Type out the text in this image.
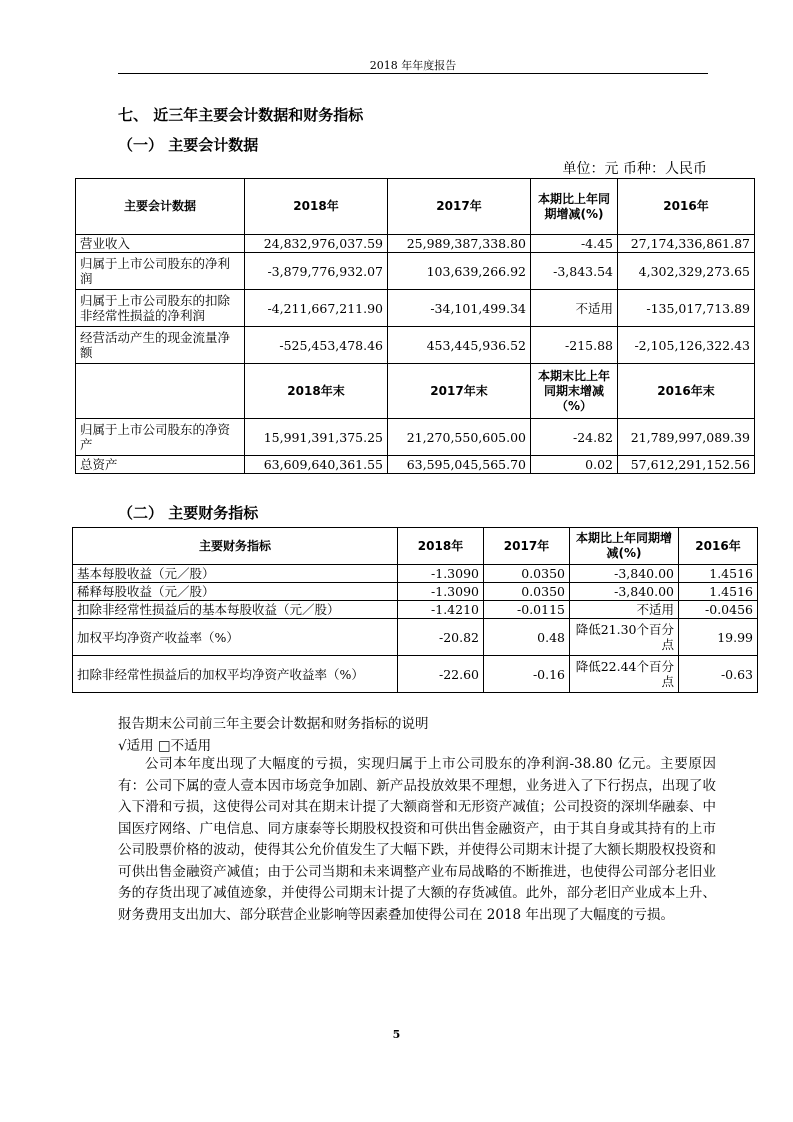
2018 年年度报告
七、 近三年主要会计数据和财务指标
（一） 主要会计数据
单位：元 币种：人民币
主要会计数据	2018年	2017年	本期比上年同期增减(%)	2016年
营业收入	24,832,976,037.59	25,989,387,338.80	-4.45	27,174,336,861.87
归属于上市公司股东的净利润	-3,879,776,932.07	103,639,266.92	-3,843.54	4,302,329,273.65
归属于上市公司股东的扣除非经常性损益的净利润	-4,211,667,211.90	-34,101,499.34	不适用	-135,017,713.89
经营活动产生的现金流量净额	-525,453,478.46	453,445,936.52	-215.88	-2,105,126,322.43
	2018年末	2017年末	本期末比上年同期末增减（%）	2016年末
归属于上市公司股东的净资产	15,991,391,375.25	21,270,550,605.00	-24.82	21,789,997,089.39
总资产	63,609,640,361.55	63,595,045,565.70	0.02	57,612,291,152.56
（二） 主要财务指标
主要财务指标	2018年	2017年	本期比上年同期增减(%)	2016年
基本每股收益（元／股）	-1.3090	0.0350	-3,840.00	1.4516
稀释每股收益（元／股）	-1.3090	0.0350	-3,840.00	1.4516
扣除非经常性损益后的基本每股收益（元／股）	-1.4210	-0.0115	不适用	-0.0456
加权平均净资产收益率（%）	-20.82	0.48	降低21.30个百分点	19.99
扣除非经常性损益后的加权平均净资产收益率（%）	-22.60	-0.16	降低22.44个百分点	-0.63
报告期末公司前三年主要会计数据和财务指标的说明
√适用 □不适用

公司本年度出现了大幅度的亏损，实现归属于上市公司股东的净利润-38.80 亿元。主要原因有：公司下属的壹人壹本因市场竞争加剧、新产品投放效果不理想，业务进入了下行拐点，出现了收入下滑和亏损，这使得公司对其在期末计提了大额商誉和无形资产减值；公司投资的深圳华融泰、中国医疗网络、广电信息、同方康泰等长期股权投资和可供出售金融资产，由于其自身或其持有的上市公司股票价格的波动，使得其公允价值发生了大幅下跌，并使得公司期末计提了大额长期股权投资和可供出售金融资产减值；由于公司当期和未来调整产业布局战略的不断推进，也使得公司部分老旧业务的存货出现了减值迹象，并使得公司期末计提了大额的存货减值。此外，部分老旧产业成本上升、财务费用支出加大、部分联营企业影响等因素叠加使得公司在 2018 年出现了大幅度的亏损。

5
